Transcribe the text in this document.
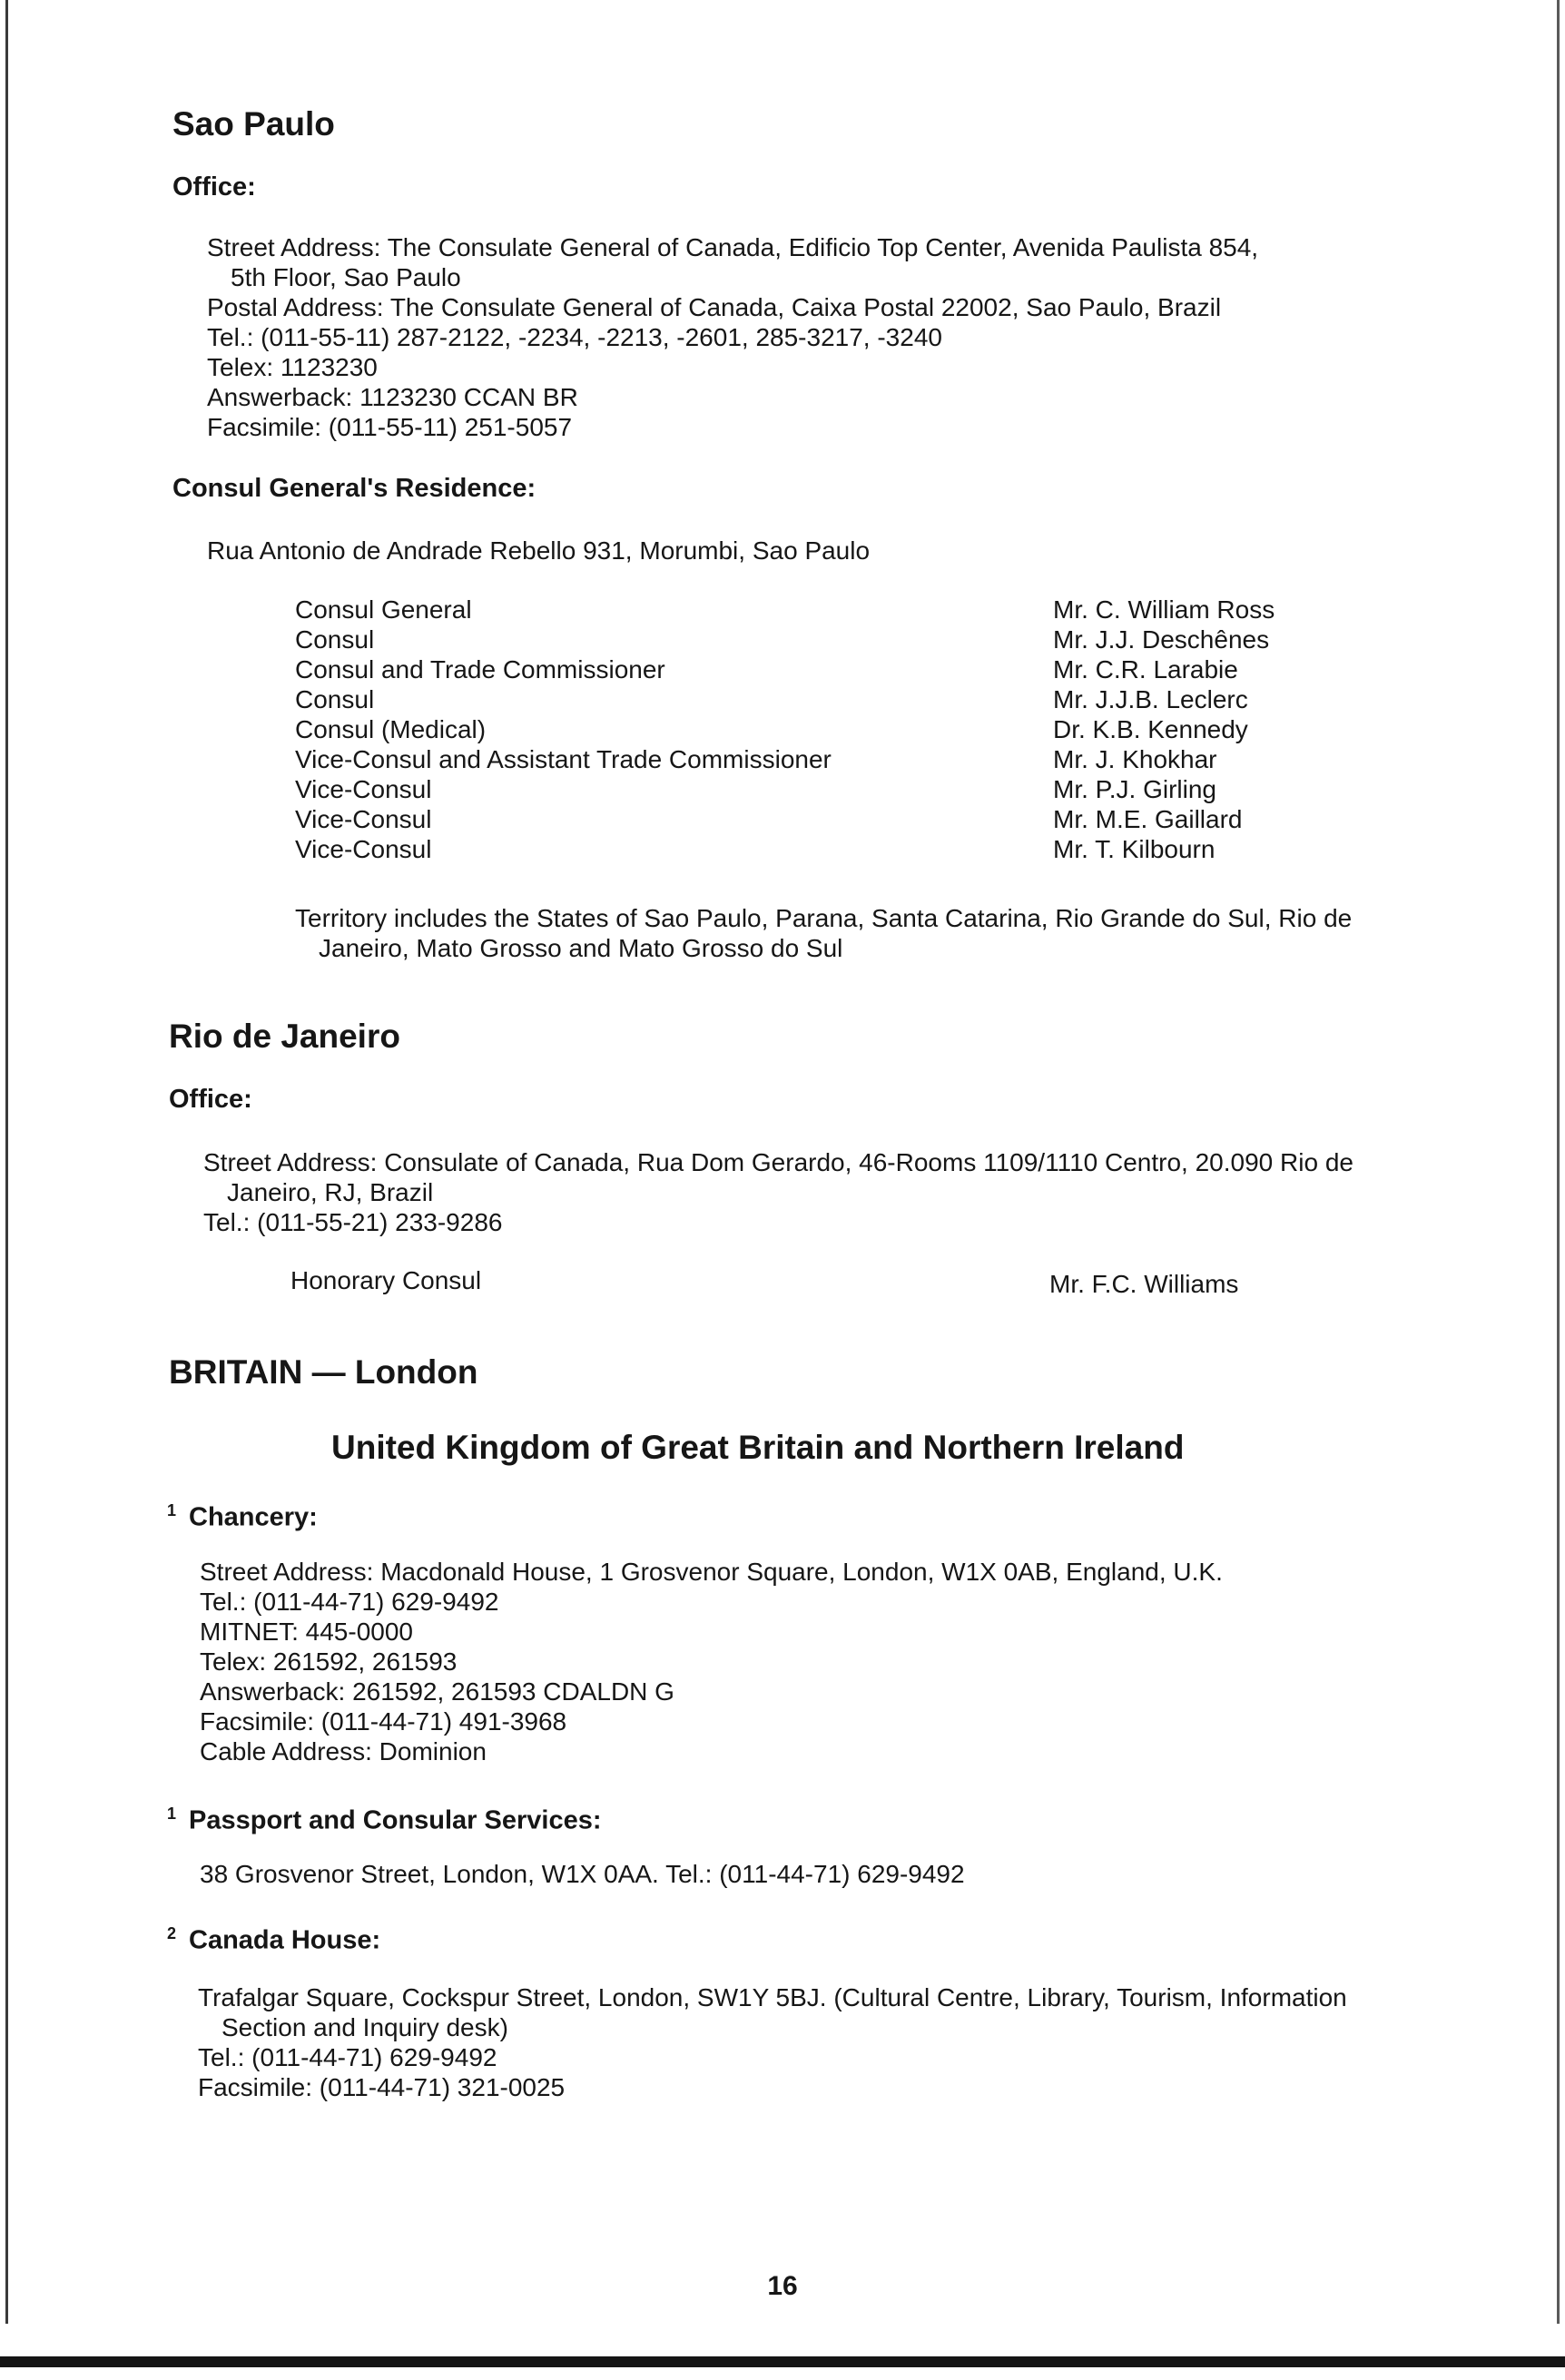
Sao Paulo
Office:
Street Address: The Consulate General of Canada, Edificio Top Center, Avenida Paulista 854,
5th Floor, Sao Paulo
Postal Address: The Consulate General of Canada, Caixa Postal 22002, Sao Paulo, Brazil
Tel.: (011-55-11) 287-2122, -2234, -2213, -2601, 285-3217, -3240
Telex: 1123230
Answerback: 1123230 CCAN BR
Facsimile: (011-55-11) 251-5057
Consul General's Residence:
Rua Antonio de Andrade Rebello 931, Morumbi, Sao Paulo
Consul General	Mr. C. William Ross
Consul	Mr. J.J. Deschênes
Consul and Trade Commissioner	Mr. C.R. Larabie
Consul	Mr. J.J.B. Leclerc
Consul (Medical)	Dr. K.B. Kennedy
Vice-Consul and Assistant Trade Commissioner	Mr. J. Khokhar
Vice-Consul	Mr. P.J. Girling
Vice-Consul	Mr. M.E. Gaillard
Vice-Consul	Mr. T. Kilbourn
Territory includes the States of Sao Paulo, Parana, Santa Catarina, Rio Grande do Sul, Rio de
Janeiro, Mato Grosso and Mato Grosso do Sul
Rio de Janeiro
Office:
Street Address: Consulate of Canada, Rua Dom Gerardo, 46-Rooms 1109/1110 Centro, 20.090 Rio de
Janeiro, RJ, Brazil
Tel.: (011-55-21) 233-9286
Honorary Consul	Mr. F.C. Williams
BRITAIN — London
United Kingdom of Great Britain and Northern Ireland
$^1$ Chancery:
Street Address: Macdonald House, 1 Grosvenor Square, London, W1X 0AB, England, U.K.
Tel.: (011-44-71) 629-9492
MITNET: 445-0000
Telex: 261592, 261593
Answerback: 261592, 261593 CDALDN G
Facsimile: (011-44-71) 491-3968
Cable Address: Dominion
$^1$ Passport and Consular Services:
38 Grosvenor Street, London, W1X 0AA. Tel.: (011-44-71) 629-9492
$^2$ Canada House:
Trafalgar Square, Cockspur Street, London, SW1Y 5BJ. (Cultural Centre, Library, Tourism, Information
Section and Inquiry desk)
Tel.: (011-44-71) 629-9492
Facsimile: (011-44-71) 321-0025
16
